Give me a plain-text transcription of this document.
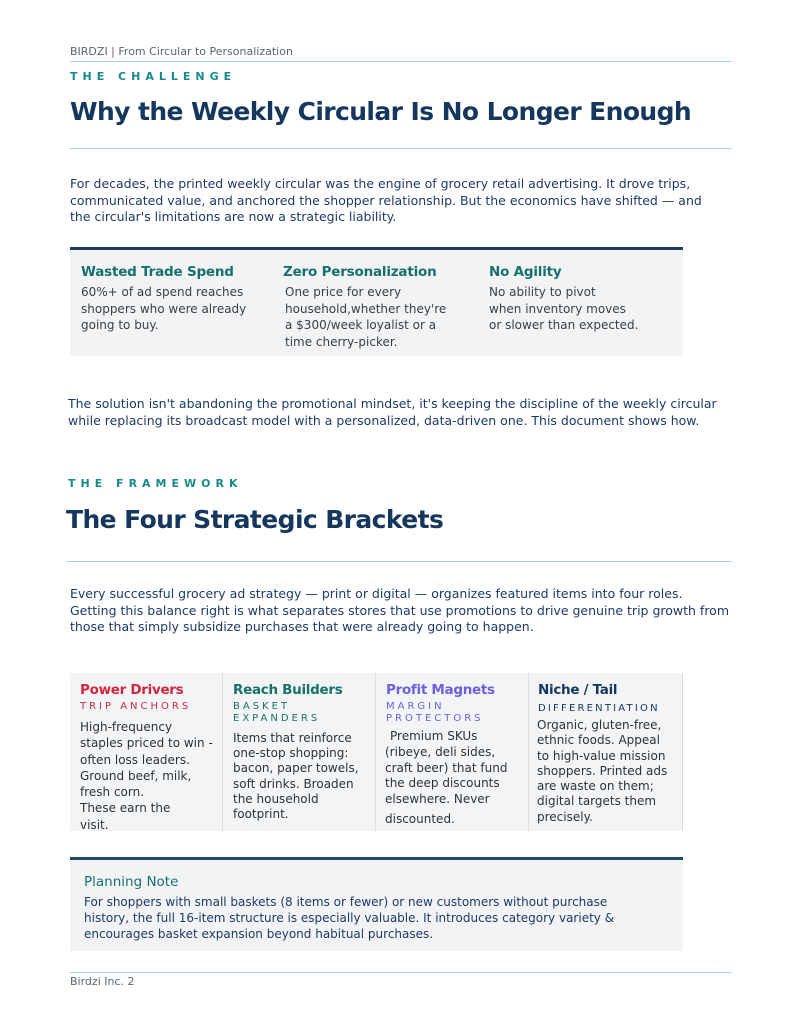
BIRDZI | From Circular to Personalization
THE CHALLENGE
Why the Weekly Circular Is No Longer Enough
For decades, the printed weekly circular was the engine of grocery retail advertising. It drove trips,
communicated value, and anchored the shopper relationship. But the economics have shifted — and
the circular's limitations are now a strategic liability.
Wasted Trade Spend
60%+ of ad spend reaches
shoppers who were already
going to buy.
Zero Personalization
One price for every
household,whether they're
a $300/week loyalist or a
time cherry-picker.
No Agility
No ability to pivot
when inventory moves
or slower than expected.
The solution isn't abandoning the promotional mindset, it's keeping the discipline of the weekly circular
while replacing its broadcast model with a personalized, data-driven one. This document shows how.
THE FRAMEWORK
The Four Strategic Brackets
Every successful grocery ad strategy — print or digital — organizes featured items into four roles.
Getting this balance right is what separates stores that use promotions to drive genuine trip growth from
those that simply subsidize purchases that were already going to happen.
Power Drivers
TRIP ANCHORS
High-frequency
staples priced to win -
often loss leaders.
Ground beef, milk,
fresh corn.
These earn the
visit.
Reach Builders
BASKET
EXPANDERS
Items that reinforce
one-stop shopping:
bacon, paper towels,
soft drinks. Broaden
the household
footprint.
Profit Magnets
MARGIN
PROTECTORS
Premium SKUs
(ribeye, deli sides,
craft beer) that fund
the deep discounts
elsewhere. Never
discounted.
Niche / Tail
DIFFERENTIATION
Organic, gluten-free,
ethnic foods. Appeal
to high-value mission
shoppers. Printed ads
are waste on them;
digital targets them
precisely.
Planning Note
For shoppers with small baskets (8 items or fewer) or new customers without purchase
history, the full 16-item structure is especially valuable. It introduces category variety &
encourages basket expansion beyond habitual purchases.
Birdzi Inc. 2
